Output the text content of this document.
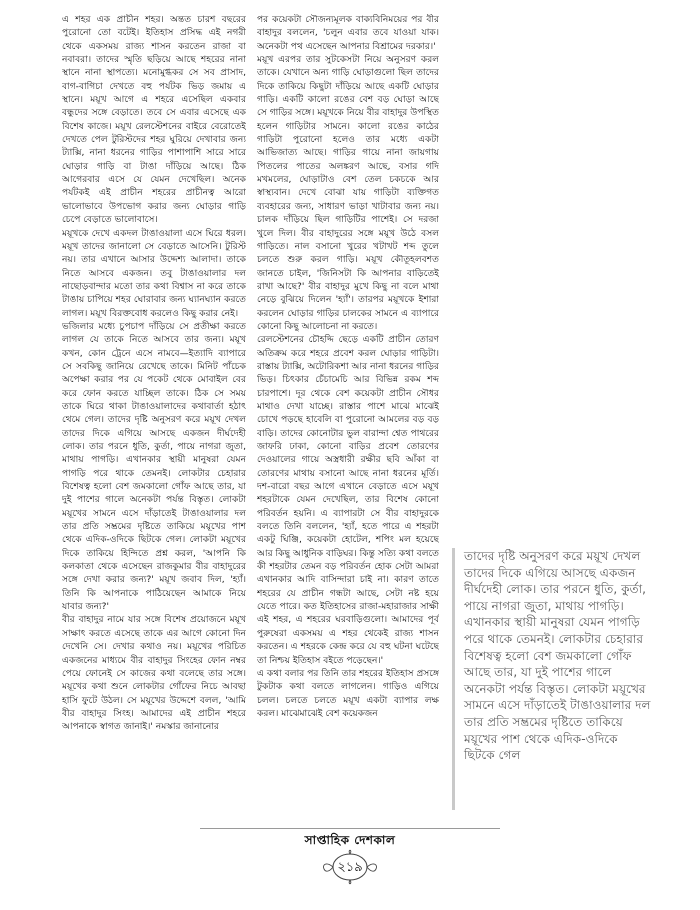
এ শহর এক প্রাচীন শহর। অন্তত চারশ বছরের পুরোনো তো বটেই। ইতিহাস প্রসিদ্ধ এই নগরী থেকে একসময় রাজ্য শাসন করতেন রাজা বা নবাবরা। তাদের স্মৃতি ছড়িয়ে আছে শহরের নানা স্থানে নানা স্থাপত্যে। মনোমুগ্ধকর সে সব প্রাসাদ, বাগ-বাগিচা দেখতে বহু পর্যটক ভিড় জমায় এ স্থানে। ময়ূখ আগে এ শহরে এসেছিল একবার বন্ধুদের সঙ্গে বেড়াতে। তবে সে এবার এসেছে এক বিশেষ কাজে। ময়ূখ রেলস্টেশনের বাইরে বেরোতেই দেখতে পেল টুরিস্টদের শহর ঘুরিয়ে দেখাবার জন্য ট্যাক্সি, নানা ধরনের গাড়ির পাশাপাশি সারে সারে ঘোড়ার গাড়ি বা টাঙা দাঁড়িয়ে আছে। ঠিক আগেরবার এসে যে যেমন দেখেছিল। অনেক পর্যটকই এই প্রাচীন শহরের প্রাচীনত্ব আরো ভালোভাবে উপভোগ করার জন্য ঘোড়ার গাড়ি চেপে বেড়াতে ভালোবাসে।

ময়ূখকে দেখে একদল টাঙাওয়ালা এসে ঘিরে ধরল। ময়ূখ তাদের জানালো সে বেড়াতে আসেনি। টুরিস্ট নয়। তার এখানে আসার উদ্দেশ্য আলাদা। তাকে নিতে আসবে একজন। তবু টাঙাওয়ালার দল নাছোড়বান্দার মতো তার কথা বিশ্বাস না করে তাকে টাঙায় চাপিয়ে শহর ঘোরাবার জন্য ঘ্যানঘ্যান করতে লাগল। ময়ূখ বিরক্তবোধ করলেও কিছু করার নেই।

ভজিলার মধ্যে চুপচাপ দাঁড়িয়ে সে প্রতীক্ষা করতে লাগল যে তাকে নিতে আসবে তার জন্য। ময়ূখ কখন, কোন ট্রেনে এসে নামবে—ইত্যাদি ব্যাপারে সে সবকিছু জানিয়ে রেখেছে তাকে। মিনিট পাঁচেক অপেক্ষা করার পর যে পকেট থেকে মোবাইল বের করে ফোন করতে যাচ্ছিল তাকে। ঠিক সে সময় তাকে ঘিরে থাকা টাঙাওয়ালাদের কথাবার্তা হঠাৎ থেমে গেল। তাদের দৃষ্টি অনুসরণ করে ময়ূখ দেখল তাদের দিকে এগিয়ে আসছে একজন দীর্ঘদেহী লোক। তার পরনে ধুতি, কুর্তা, পায়ে নাগরা জুতা, মাথায় পাগড়ি। এখানকার স্থায়ী মানুষরা যেমন পাগড়ি পরে থাকে তেমনই। লোকটার চেহারার বিশেষত্ব হলো বেশ জমকালো গোঁফ আছে তার, যা দুই পাশের গালে অনেকটা পর্যন্ত বিস্তৃত। লোকটা ময়ূখের সামনে এসে দাঁড়াতেই টাঙাওয়ালার দল তার প্রতি সম্ভ্রমের দৃষ্টিতে তাকিয়ে ময়ূখের পাশ থেকে এদিক-ওদিকে ছিটকে গেল। লোকটা ময়ূখের দিকে তাকিয়ে হিন্দিতে প্রশ্ন করল, 'আপনি কি কলকাতা থেকে এসেছেন রাজকুমার বীর বাহাদুরের সঙ্গে দেখা করার জন্য?' ময়ূখ জবাব দিল, 'হ্যাঁ। তিনি কি আপনাকে পাঠিয়েছেন আমাকে নিয়ে যাবার জন্য?'

বীর বাহাদুর নামে যার সঙ্গে বিশেষ প্রয়োজনে ময়ূখ সাক্ষাৎ করতে এসেছে তাকে এর আগে কোনো দিন দেখেনি সে। দেখার কথাও নয়। ময়ূখের পরিচিত একজনের মাধ্যমে বীর বাহাদুর সিংহের ফোন নম্বর পেয়ে ফোনেই সে কাজের কথা বলেছে তার সঙ্গে। ময়ূখের কথা শুনে লোকটার গোঁফের নিচে আবছা হাসি ফুটে উঠল। সে ময়ূখের উদ্দেশে বলল, 'আমি বীর বাহাদুর সিংহ। আমাদের এই প্রাচীন শহরে আপনাকে স্বাগত জানাই।' নমস্কার জানানোর

পর কয়েকটা সৌজন্যমূলক বাক্যবিনিময়ের পর বীর বাহাদুর বললেন, 'চলুন এবার তবে যাওয়া যাক। অনেকটা পথ এসেছেন আপনার বিশ্রামের দরকার।'

ময়ূখ এরপর তার সুটকেসটা নিয়ে অনুসরণ করল তাকে। যেখানে অন্য গাড়ি ঘোড়াগুলো ছিল তাদের দিকে তাকিয়ে কিছুটা দাঁড়িয়ে আছে একটি ঘোড়ার গাড়ি। একটি কালো রঙের বেশ বড় ঘোড়া আছে সে গাড়ির সঙ্গে। ময়ূখকে নিয়ে বীর বাহাদুর উপস্থিত হলেন গাড়িটার সামনে। কালো রঙের কাঠের গাড়িটা পুরোনো হলেও তার মধ্যে একটা আভিজাত্য আছে। গাড়ির গায়ে নানা জায়গায় পিতলের পাতের অলঙ্করণ আছে, বসার গদি মখমলের, ঘোড়াটাও বেশ তেল চকচকে আর স্বাস্থ্যবান। দেখে বোঝা যায় গাড়িটা ব্যক্তিগত ব্যবহারের জন্য, সাধারণ ভাড়া খাটাবার জন্য নয়। চালক দাঁড়িয়ে ছিল গাড়িটির পাশেই। সে দরজা খুলে দিল। বীর বাহাদুরের সঙ্গে ময়ূখ উঠে বসল গাড়িতে। নাল বসানো খুরের খটাখট শব্দ তুলে চলতে শুরু করল গাড়ি। ময়ূখ কৌতূহলবশত জানতে চাইল, 'জিনিসটা কি আপনার বাড়িতেই রাখা আছে?' বীর বাহাদুর মুখে কিছু না বলে মাথা নেড়ে বুঝিয়ে দিলেন 'হ্যাঁ'। তারপর ময়ূখকে ইশারা করলেন ঘোড়ার গাড়ির চালকের সামনে এ ব্যাপারে কোনো কিছু আলোচনা না করতে।

রেলস্টেশনের চৌহদ্দি ছেড়ে একটি প্রাচীন তোরণ অতিক্রম করে শহরে প্রবেশ করল ঘোড়ার গাড়িটা। রাস্তায় ট্যাক্সি, অটোরিকশা আর নানা ধরনের গাড়ির ভিড়। চিৎকার চেঁচামেচি আর বিভিন্ন রকম শব্দ চারপাশে। দূর থেকে বেশ কয়েকটা প্রাচীন সৌধর মাথাও দেখা যাচ্ছে। রাস্তার পাশে মাঝে মাঝেই চোখে পড়ছে হাবেলি বা পুরোনো আমলের বড় বড় বাড়ি। তাদের কোনোটার ভুল বারান্দা শ্বেত পাথরের জাফরি ঢাকা, কোনো বাড়ির প্রবেশ তোরণের দেওয়ালের গায়ে অস্ত্রধারী রক্ষীর ছবি আঁকা বা তোরণের মাথায় বসানো আছে নানা ধরনের মূর্তি। দশ-বারো বছর আগে এখানে বেড়াতে এসে ময়ূখ শহরটাকে যেমন দেখেছিল, তার বিশেষ কোনো পরিবর্তন হয়নি। এ ব্যাপারটা সে বীর বাহাদুরকে বলতে তিনি বললেন, 'হ্যাঁ, হতে পারে এ শহরটা একটু ঘিঞ্জি, কয়েকটা হোটেল, শপিং মল হয়েছে আর কিছু আধুনিক বাড়িঘর। কিন্তু সত্যি কথা বলতে কী শহরটার তেমন বড় পরিবর্তন হোক সেটা আমরা এখানকার আদি বাসিন্দারা চাই না। কারণ তাতে শহরের যে প্রাচীন গন্ধটা আছে, সেটা নষ্ট হয়ে যেতে পারে। কত ইতিহাসের রাজা-মহারাজার সাক্ষী এই শহর, এ শহরের ঘরবাড়িগুলো। আমাদের পূর্ব পুরুষেরা একসময় এ শহর থেকেই রাজ্য শাসন করতেন। এ শহরকে কেন্দ্র করে যে বহু ঘটনা ঘটেছে তা নিশ্চয় ইতিহাস বইতে পড়েছেন।'

এ কথা বলার পর তিনি তার শহরের ইতিহাস প্রসঙ্গে টুকটাক কথা বলতে লাগলেন। গাড়িও এগিয়ে চলল। চলতে চলতে ময়ূখ একটা ব্যাপার লক্ষ করল। মাঝেমাঝেই বেশ কয়েকজন

তাদের দৃষ্টি অনুসরণ করে ময়ূখ দেখল তাদের দিকে এগিয়ে আসছে একজন দীর্ঘদেহী লোক। তার পরনে ধুতি, কুর্তা, পায়ে নাগরা জুতা, মাথায় পাগড়ি। এখানকার স্থায়ী মানুষরা যেমন পাগড়ি পরে থাকে তেমনই। লোকটার চেহারার বিশেষত্ব হলো বেশ জমকালো গোঁফ আছে তার, যা দুই পাশের গালে অনেকটা পর্যন্ত বিস্তৃত। লোকটা ময়ূখের সামনে এসে দাঁড়াতেই টাঙাওয়ালার দল তার প্রতি সম্ভ্রমের দৃষ্টিতে তাকিয়ে ময়ূখের পাশ থেকে এদিক-ওদিকে ছিটকে গেল

সাপ্তাহিক দেশকাল
২১৯
